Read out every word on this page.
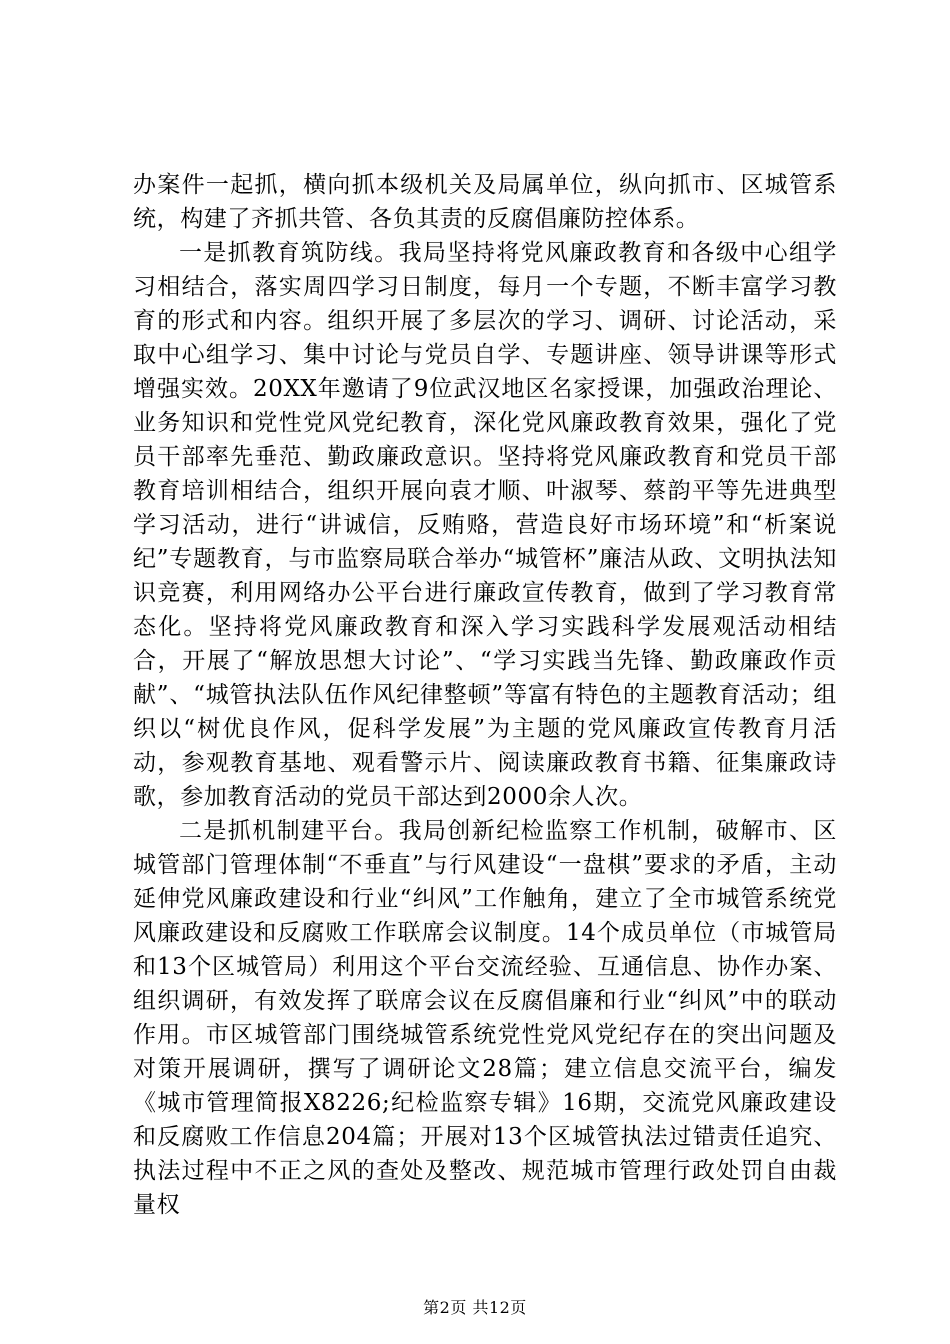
办案件一起抓，横向抓本级机关及局属单位，纵向抓市、区城管系统，构建了齐抓共管、各负其责的反腐倡廉防控体系。

一是抓教育筑防线。我局坚持将党风廉政教育和各级中心组学习相结合，落实周四学习日制度，每月一个专题，不断丰富学习教育的形式和内容。组织开展了多层次的学习、调研、讨论活动，采取中心组学习、集中讨论与党员自学、专题讲座、领导讲课等形式增强实效。20XX年邀请了9位武汉地区名家授课，加强政治理论、业务知识和党性党风党纪教育，深化党风廉政教育效果，强化了党员干部率先垂范、勤政廉政意识。坚持将党风廉政教育和党员干部教育培训相结合，组织开展向袁才顺、叶淑琴、蔡韵平等先进典型学习活动，进行“讲诚信，反贿赂，营造良好市场环境”和“析案说纪”专题教育，与市监察局联合举办“城管杯”廉洁从政、文明执法知识竞赛，利用网络办公平台进行廉政宣传教育，做到了学习教育常态化。坚持将党风廉政教育和深入学习实践科学发展观活动相结合，开展了“解放思想大讨论”、“学习实践当先锋、勤政廉政作贡献”、“城管执法队伍作风纪律整顿”等富有特色的主题教育活动；组织以“树优良作风，促科学发展”为主题的党风廉政宣传教育月活动，参观教育基地、观看警示片、阅读廉政教育书籍、征集廉政诗歌，参加教育活动的党员干部达到2000余人次。

二是抓机制建平台。我局创新纪检监察工作机制，破解市、区城管部门管理体制“不垂直”与行风建设“一盘棋”要求的矛盾，主动延伸党风廉政建设和行业“纠风”工作触角，建立了全市城管系统党风廉政建设和反腐败工作联席会议制度。14个成员单位（市城管局和13个区城管局）利用这个平台交流经验、互通信息、协作办案、组织调研，有效发挥了联席会议在反腐倡廉和行业“纠风”中的联动作用。市区城管部门围绕城管系统党性党风党纪存在的突出问题及对策开展调研，撰写了调研论文28篇；建立信息交流平台，编发《城市管理简报X8226;纪检监察专辑》16期，交流党风廉政建设和反腐败工作信息204篇；开展对13个区城管执法过错责任追究、执法过程中不正之风的查处及整改、规范城市管理行政处罚自由裁量权

第2页 共12页
